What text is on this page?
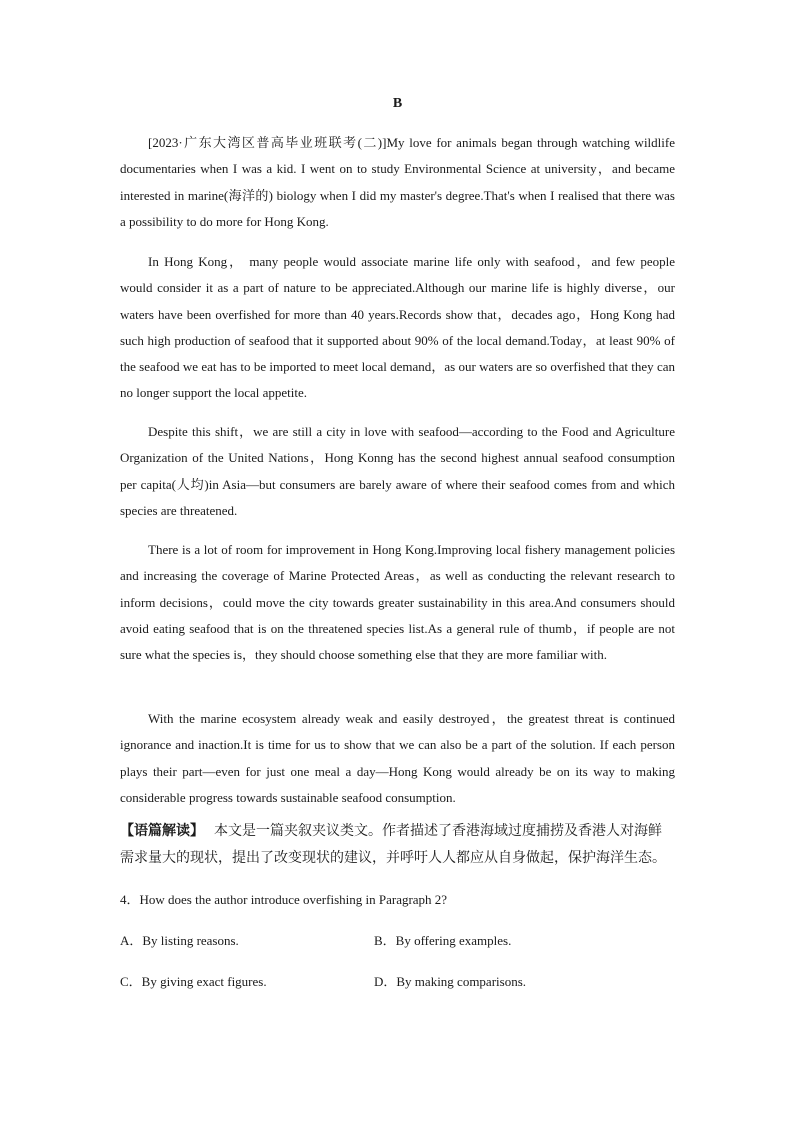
B

[2023·广东大湾区普高毕业班联考(二)]My love for animals began through watching wildlife documentaries when I was a kid. I went on to study Environmental Science at university，and became interested in marine(海洋的) biology when I did my master's degree.That's when I realised that there was a possibility to do more for Hong Kong.

In Hong Kong， many people would associate marine life only with seafood，and few people would consider it as a part of nature to be appreciated.Although our marine life is highly diverse，our waters have been overfished for more than 40 years.Records show that，decades ago，Hong Kong had such high production of seafood that it supported about 90% of the local demand.Today，at least 90% of the seafood we eat has to be imported to meet local demand，as our waters are so overfished that they can no longer support the local appetite.

Despite this shift，we are still a city in love with seafood—according to the Food and Agriculture Organization of the United Nations，Hong Konng has the second highest annual seafood consumption per capita(人均)in Asia—but consumers are barely aware of where their seafood comes from and which species are threatened.

There is a lot of room for improvement in Hong Kong.Improving local fishery management policies and increasing the coverage of Marine Protected Areas，as well as conducting the relevant research to inform decisions，could move the city towards greater sustainability in this area.And consumers should avoid eating seafood that is on the threatened species list.As a general rule of thumb，if people are not sure what the species is，they should choose something else that they are more familiar with.

With the marine ecosystem already weak and easily destroyed，the greatest threat is continued ignorance and inaction.It is time for us to show that we can also be a part of the solution. If each person plays their part—even for just one meal a day—Hong Kong would already be on its way to making considerable progress towards sustainable seafood consumption.

【语篇解读】 本文是一篇夹叙夹议类文。作者描述了香港海域过度捕捞及香港人对海鲜需求量大的现状，提出了改变现状的建议，并呼吁人人都应从自身做起，保护海洋生态。

4．How does the author introduce overfishing in Paragraph 2?
A．By listing reasons.	B．By offering examples.
C．By giving exact figures.	D．By making comparisons.
